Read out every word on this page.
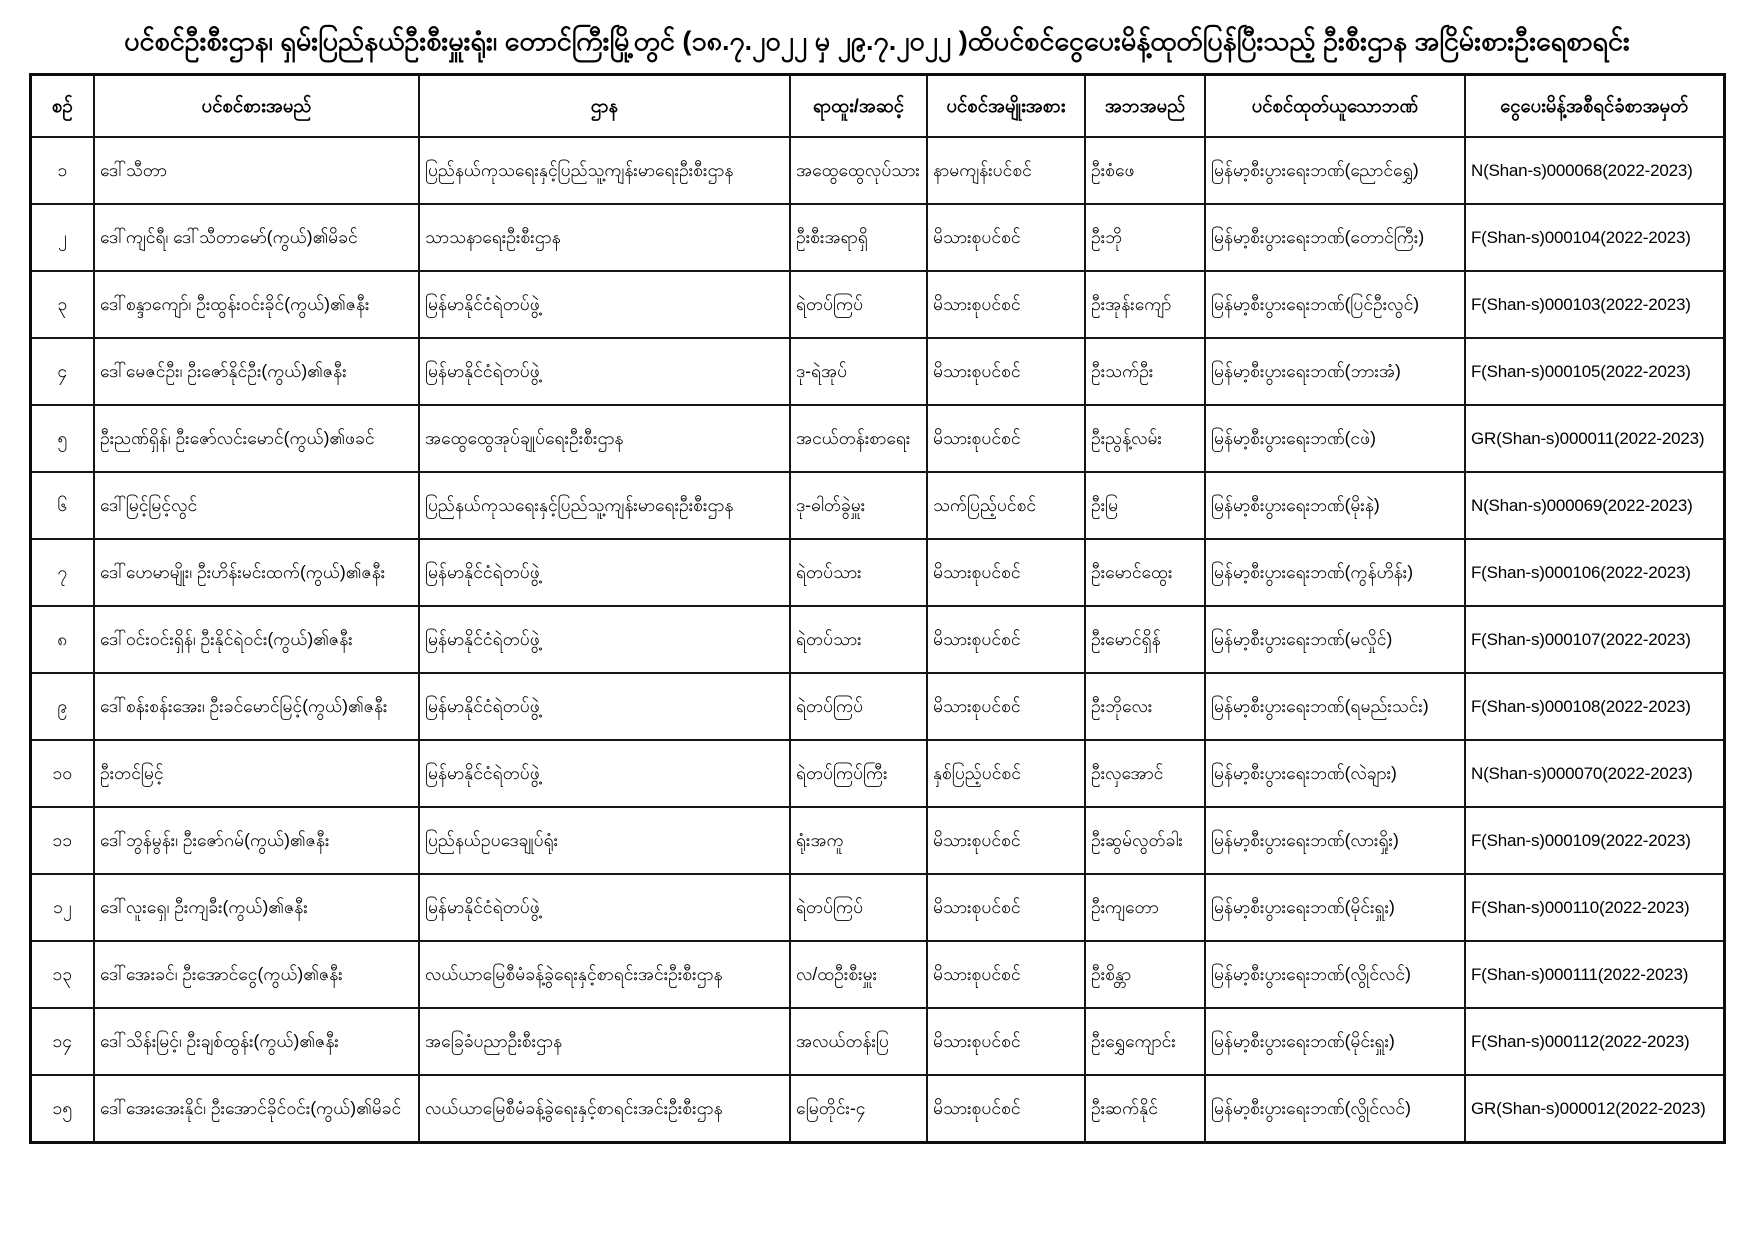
ပင်စင်ဦးစီးဌာန၊ ရှမ်းပြည်နယ်ဦးစီးမှူးရုံး၊ တောင်ကြီးမြို့တွင် (၁၈.၇.၂၀၂၂ မှ ၂၉.၇.၂၀၂၂ )ထိပင်စင်ငွေပေးမိန့်ထုတ်ပြန်ပြီးသည့် ဦးစီးဌာန အငြိမ်းစားဦးရေစာရင်း
စဉ်	ပင်စင်စားအမည်	ဌာန	ရာထူး/အဆင့်	ပင်စင်အမျိုးအစား	အဘအမည်	ပင်စင်ထုတ်ယူသောဘဏ်	ငွေပေးမိန့်အစီရင်ခံစာအမှတ်
၁	ဒေါ်သီတာ	ပြည်နယ်ကုသရေးနှင့်ပြည်သူ့ကျန်းမာရေးဦးစီးဌာန	အထွေထွေလုပ်သား	နာမကျန်းပင်စင်	ဦးစံဖေ	မြန်မာ့စီးပွားရေးဘဏ်(ညောင်ရွှေ)	N(Shan-s)000068(2022-2023)
၂	ဒေါ်ကျင်ရီ၊ ဒေါ်သီတာမော်(ကွယ်)၏မိခင်	သာသနာရေးဦးစီးဌာန	ဦးစီးအရာရှိ	မိသားစုပင်စင်	ဦးဘို	မြန်မာ့စီးပွားရေးဘဏ်(တောင်ကြီး)	F(Shan-s)000104(2022-2023)
၃	ဒေါ်စန္ဒာကျော်၊ ဦးထွန်းဝင်းခိုင်(ကွယ်)၏ဇနီး	မြန်မာနိုင်ငံရဲတပ်ဖွဲ့	ရဲတပ်ကြပ်	မိသားစုပင်စင်	ဦးအုန်းကျော်	မြန်မာ့စီးပွားရေးဘဏ်(ပြင်ဦးလွင်)	F(Shan-s)000103(2022-2023)
၄	ဒေါ်မေဇင်ဦး၊ ဦးဇော်နိုင်ဦး(ကွယ်)၏ဇနီး	မြန်မာနိုင်ငံရဲတပ်ဖွဲ့	ဒု-ရဲအုပ်	မိသားစုပင်စင်	ဦးသက်ဦး	မြန်မာ့စီးပွားရေးဘဏ်(ဘားအံ)	F(Shan-s)000105(2022-2023)
၅	ဦးညဏ်ရှိန်၊ ဦးဇော်လင်းမောင်(ကွယ်)၏ဖခင်	အထွေထွေအုပ်ချုပ်ရေးဦးစီးဌာန	အငယ်တန်းစာရေး	မိသားစုပင်စင်	ဦးညွန့်လမ်း	မြန်မာ့စီးပွားရေးဘဏ်(ငဖဲ)	GR(Shan-s)000011(2022-2023)
၆	ဒေါ်မြင့်မြင့်လွင်	ပြည်နယ်ကုသရေးနှင့်ပြည်သူ့ကျန်းမာရေးဦးစီးဌာန	ဒု-ဓါတ်ခွဲမှူး	သက်ပြည့်ပင်စင်	ဦးမြ	မြန်မာ့စီးပွားရေးဘဏ်(မိုးနဲ)	N(Shan-s)000069(2022-2023)
၇	ဒေါ်ဟေမာမျိုး၊ ဦးဟိန်းမင်းထက်(ကွယ်)၏ဇနီး	မြန်မာနိုင်ငံရဲတပ်ဖွဲ့	ရဲတပ်သား	မိသားစုပင်စင်	ဦးမောင်ထွေး	မြန်မာ့စီးပွားရေးဘဏ်(ကွန်ဟိန်း)	F(Shan-s)000106(2022-2023)
၈	ဒေါ်ဝင်းဝင်းရှိန်၊ ဦးနိုင်ရဲဝင်း(ကွယ်)၏ဇနီး	မြန်မာနိုင်ငံရဲတပ်ဖွဲ့	ရဲတပ်သား	မိသားစုပင်စင်	ဦးမောင်ရှိန်	မြန်မာ့စီးပွားရေးဘဏ်(မလှိုင်)	F(Shan-s)000107(2022-2023)
၉	ဒေါ်စန်းစန်းအေး၊ ဦးခင်မောင်မြင့်(ကွယ်)၏ဇနီး	မြန်မာနိုင်ငံရဲတပ်ဖွဲ့	ရဲတပ်ကြပ်	မိသားစုပင်စင်	ဦးဘိုလေး	မြန်မာ့စီးပွားရေးဘဏ်(ရမည်းသင်း)	F(Shan-s)000108(2022-2023)
၁၀	ဦးတင်မြင့်	မြန်မာနိုင်ငံရဲတပ်ဖွဲ့	ရဲတပ်ကြပ်ကြီး	နှစ်ပြည့်ပင်စင်	ဦးလှအောင်	မြန်မာ့စီးပွားရေးဘဏ်(လဲချား)	N(Shan-s)000070(2022-2023)
၁၁	ဒေါ်ဘွန်မွန်း၊ ဦးဇော်ဂမ်(ကွယ်)၏ဇနီး	ပြည်နယ်ဥပဒေချုပ်ရုံး	ရုံးအကူ	မိသားစုပင်စင်	ဦးဆွမ်လွတ်ခါး	မြန်မာ့စီးပွားရေးဘဏ်(လားရှိုး)	F(Shan-s)000109(2022-2023)
၁၂	ဒေါ်လူးရှေ၊ ဦးကျခီး(ကွယ်)၏ဇနီး	မြန်မာနိုင်ငံရဲတပ်ဖွဲ့	ရဲတပ်ကြပ်	မိသားစုပင်စင်	ဦးကျတော	မြန်မာ့စီးပွားရေးဘဏ်(မိုင်းရှူး)	F(Shan-s)000110(2022-2023)
၁၃	ဒေါ်အေးခင်၊ ဦးအောင်ငွေ(ကွယ်)၏ဇနီး	လယ်ယာမြေစီမံခန့်ခွဲရေးနှင့်စာရင်းအင်းဦးစီးဌာန	လ/ထဦးစီးမှူး	မိသားစုပင်စင်	ဦးစိန္တာ	မြန်မာ့စီးပွားရေးဘဏ်(လွိုင်လင်)	F(Shan-s)000111(2022-2023)
၁၄	ဒေါ်သိန်းမြင့်၊ ဦးချစ်ထွန်း(ကွယ်)၏ဇနီး	အခြေခံပညာဦးစီးဌာန	အလယ်တန်းပြ	မိသားစုပင်စင်	ဦးရွှေကျောင်း	မြန်မာ့စီးပွားရေးဘဏ်(မိုင်းရှူး)	F(Shan-s)000112(2022-2023)
၁၅	ဒေါ်အေးအေးနိုင်၊ ဦးအောင်ခိုင်ဝင်း(ကွယ်)၏မိခင်	လယ်ယာမြေစီမံခန့်ခွဲရေးနှင့်စာရင်းအင်းဦးစီးဌာန	မြေတိုင်း-၄	မိသားစုပင်စင်	ဦးဆက်နိုင်	မြန်မာ့စီးပွားရေးဘဏ်(လွိုင်လင်)	GR(Shan-s)000012(2022-2023)
